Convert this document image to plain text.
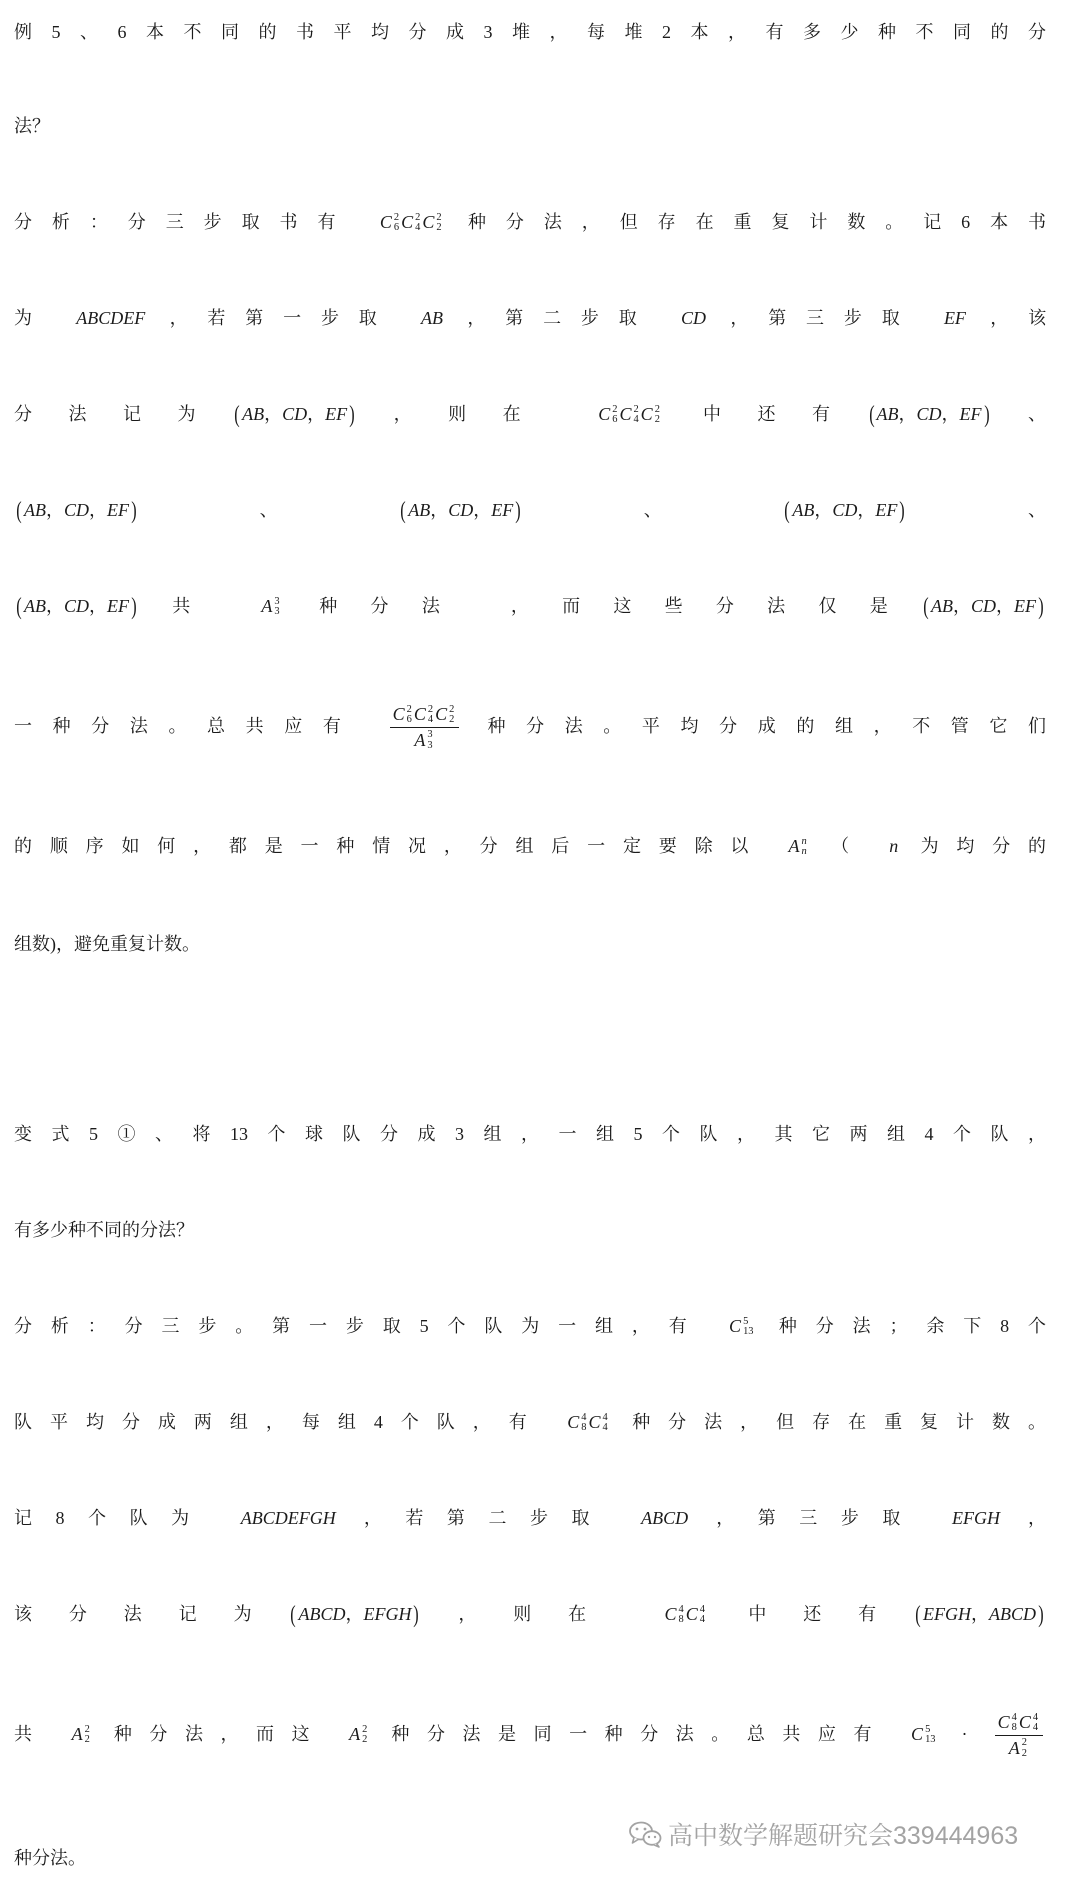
例5、6本不同的书平均分成3堆，每堆2本，有多少种不同的分
法？
分析：分三步取书有 C 2
6 C 2
4 C 2
2 种分法，但存在重复计数。记6本书
为 ABCDEF ，若第一步取 AB ，第二步取 CD ，第三步取 EF ，该
分法记为 ( AB，CD，EF ) ，则在 C 2
6 C 2
4 C 2
2 中还有 ( AB，CD，EF ) 、
( AB，CD，EF ) 、 ( AB，CD，EF ) 、 ( AB，CD，EF ) 、
( AB，CD，EF ) 共 A 3
3 种分法 ，而这些分法仅是 ( AB，CD，EF )
一种分法。总共应有 C 2
6 C 2
4 C 2
2
A 3
3 种分法。平均分成的组，不管它们
的顺序如何，都是一种情况，分组后一定要除以 A n
n （ n 为均分的
组数)，避免重复计数。
变式5①、将13个球队分成3组，一组5个队，其它两组4个队，
有多少种不同的分法？
分析：分三步。第一步取5个队为一组，有 C 5
13 种分法；余下8个
队平均分成两组，每组4个队，有 C 4
8 C 4
4 种分法，但存在重复计数。
记8个队为 ABCDEFGH ，若第二步取 ABCD ，第三步取 EFGH ，
该分法记为 ( ABCD，EFGH ) ，则在 C 4
8 C 4
4 中还有 ( EFGH，ABCD )
共 A 2
2 种分法，而这 A 2
2 种分法是同一种分法。总共应有 C 5
13 · C 4
8 C 4
4
A 2
2
种分法。
高中数学解题研究会339444963
